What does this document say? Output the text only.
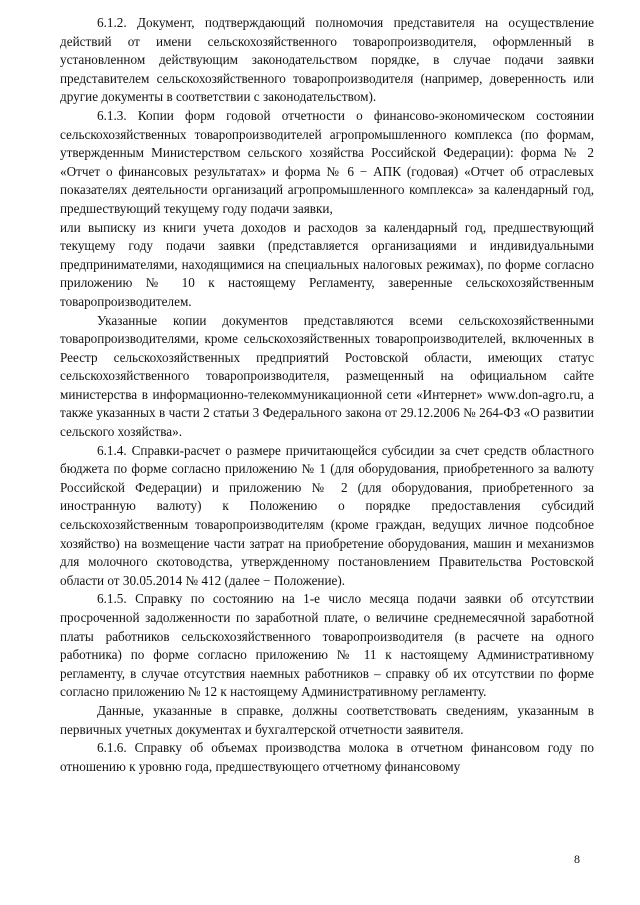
6.1.2. Документ, подтверждающий полномочия представителя на осуществление действий от имени сельскохозяйственного товаропроизводителя, оформленный в установленном действующим законодательством порядке, в случае подачи заявки представителем сельскохозяйственного товаропроизводителя (например, доверенность или другие документы в соответствии с законодательством).

6.1.3. Копии форм годовой отчетности о финансово-экономическом состоянии сельскохозяйственных товаропроизводителей агропромышленного комплекса (по формам, утвержденным Министерством сельского хозяйства Российской Федерации): форма № 2 «Отчет о финансовых результатах» и форма № 6 − АПК (годовая) «Отчет об отраслевых показателях деятельности организаций агропромышленного комплекса» за календарный год, предшествующий текущему году подачи заявки,

или выписку из книги учета доходов и расходов за календарный год, предшествующий текущему году подачи заявки (представляется организациями и индивидуальными предпринимателями, находящимися на специальных налоговых режимах), по форме согласно приложению № 10 к настоящему Регламенту, заверенные сельскохозяйственным товаропроизводителем.

Указанные копии документов представляются всеми сельскохозяйственными товаропроизводителями, кроме сельскохозяйственных товаропроизводителей, включенных в Реестр сельскохозяйственных предприятий Ростовской области, имеющих статус сельскохозяйственного товаропроизводителя, размещенный на официальном сайте министерства в информационно-телекоммуникационной сети «Интернет» www.don-agro.ru, а также указанных в части 2 статьи 3 Федерального закона от 29.12.2006 № 264-ФЗ «О развитии сельского хозяйства».

6.1.4. Справки-расчет о размере причитающейся субсидии за счет средств областного бюджета по форме согласно приложению № 1 (для оборудования, приобретенного за валюту Российской Федерации) и приложению № 2 (для оборудования, приобретенного за иностранную валюту) к Положению о порядке предоставления субсидий сельскохозяйственным товаропроизводителям (кроме граждан, ведущих личное подсобное хозяйство) на возмещение части затрат на приобретение оборудования, машин и механизмов для молочного скотоводства, утвержденному постановлением Правительства Ростовской области от 30.05.2014 № 412 (далее − Положение).

6.1.5. Справку по состоянию на 1-е число месяца подачи заявки об отсутствии просроченной задолженности по заработной плате, о величине среднемесячной заработной платы работников сельскохозяйственного товаропроизводителя (в расчете на одного работника) по форме согласно приложению № 11 к настоящему Административному регламенту, в случае отсутствия наемных работников – справку об их отсутствии по форме согласно приложению № 12 к настоящему Административному регламенту.

Данные, указанные в справке, должны соответствовать сведениям, указанным в первичных учетных документах и бухгалтерской отчетности заявителя.

6.1.6. Справку об объемах производства молока в отчетном финансовом году по отношению к уровню года, предшествующего отчетному финансовому

8
